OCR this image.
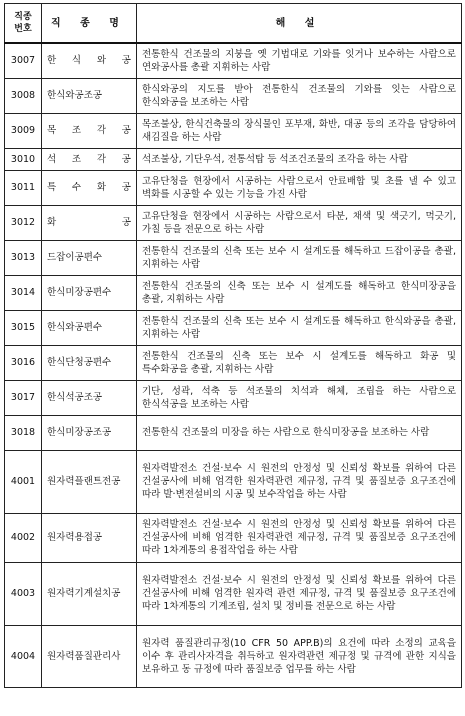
직종
번호	직 종 명	해 설
3007	한 식 와 공	전통한식 건조물의 지붕을 옛 기법대로 기와를 잇거나 보수하는 사람으로 연와공사를 총괄 지휘하는 사람
3008	한식와공조공	한식와공의 지도를 받아 전통한식 건조물의 기와를 잇는 사람으로 한식와공을 보조하는 사람
3009	목 조 각 공	목조불상, 한식건축물의 장식물인 포부재, 화반, 대공 등의 조각을 담당하여 새김질을 하는 사람
3010	석 조 각 공	석조불상, 기단우석, 전통석탑 등 석조건조물의 조각을 하는 사람
3011	특 수 화 공	고유단청을 현장에서 시공하는 사람으로서 안료배합 및 초를 낼 수 있고 벽화를 시공할 수 있는 기능을 가진 사람
3012	화 공	고유단청을 현장에서 시공하는 사람으로서 타분, 채색 및 색긋기, 먹긋기, 가칠 등을 전문으로 하는 사람
3013	드잡이공편수	전통한식 건조물의 신축 또는 보수 시 설계도를 해독하고 드잡이공을 총괄, 지휘하는 사람
3014	한식미장공편수	전통한식 건조물의 신축 또는 보수 시 설계도를 해독하고 한식미장공을 총괄, 지휘하는 사람
3015	한식와공편수	전통한식 건조물의 신축 또는 보수 시 설계도를 해독하고 한식와공을 총괄, 지휘하는 사람
3016	한식단청공편수	전통한식 건조물의 신축 또는 보수 시 설계도를 해독하고 화공 및 특수화공을 총괄, 지휘하는 사람
3017	한식석공조공	기단, 성곽, 석축 등 석조물의 치석과 해체, 조립을 하는 사람으로 한식석공을 보조하는 사람
3018	한식미장공조공	전통한식 건조물의 미장을 하는 사람으로 한식미장공을 보조하는 사람
4001	원자력플랜트전공	원자력발전소 건설·보수 시 원전의 안정성 및 신뢰성 확보를 위하여 다른 건설공사에 비해 엄격한 원자력관련 제규정, 규격 및 품질보증 요구조건에 따라 발·변전설비의 시공 및 보수작업을 하는 사람
4002	원자력용접공	원자력발전소 건설·보수 시 원전의 안정성 및 신뢰성 확보를 위하여 다른 건설공사에 비해 엄격한 원자력관련 제규정, 규격 및 품질보증 요구조건에 따라 1차계통의 용접작업을 하는 사람
4003	원자력기계설치공	원자력발전소 건설·보수 시 원전의 안정성 및 신뢰성 확보를 위하여 다른 건설공사에 비해 엄격한 원자력 관련 제규정, 규격 및 품질보증 요구조건에 따라 1차계통의 기계조립, 설치 및 정비를 전문으로 하는 사람
4004	원자력품질관리사	원자력 품질관리규정(10 CFR 50 APP.B)의 요건에 따라 소정의 교육을 이수 후 관리사자격을 취득하고 원자력관련 제규정 및 규격에 관한 지식을 보유하고 동 규정에 따라 품질보증 업무를 하는 사람
